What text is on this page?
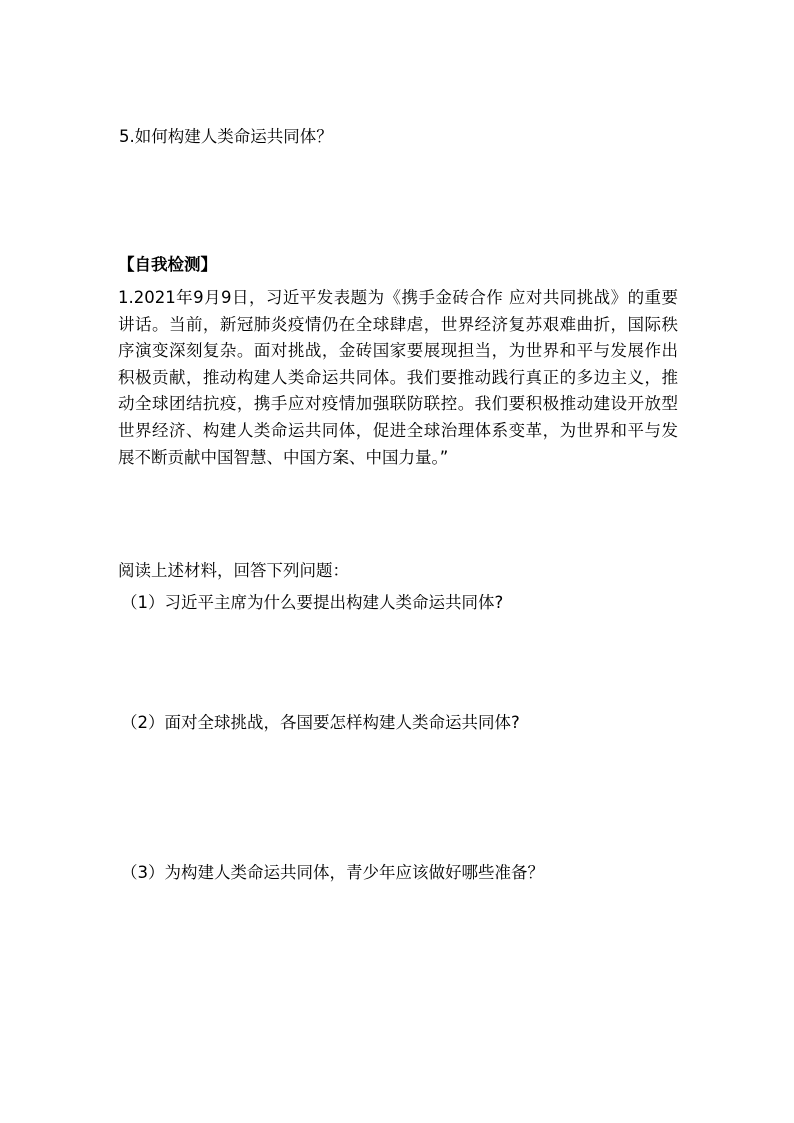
5.如何构建人类命运共同体？
【自我检测】
1.2021年9月9日，习近平发表题为《携手金砖合作 应对共同挑战》的重要讲话。当前，新冠肺炎疫情仍在全球肆虐，世界经济复苏艰难曲折，国际秩序演变深刻复杂。面对挑战，金砖国家要展现担当，为世界和平与发展作出积极贡献，推动构建人类命运共同体。我们要推动践行真正的多边主义，推动全球团结抗疫，携手应对疫情加强联防联控。我们要积极推动建设开放型世界经济、构建人类命运共同体，促进全球治理体系变革，为世界和平与发展不断贡献中国智慧、中国方案、中国力量。”
阅读上述材料，回答下列问题：
（1）习近平主席为什么要提出构建人类命运共同体?
（2）面对全球挑战，各国要怎样构建人类命运共同体?
（3）为构建人类命运共同体，青少年应该做好哪些准备？
